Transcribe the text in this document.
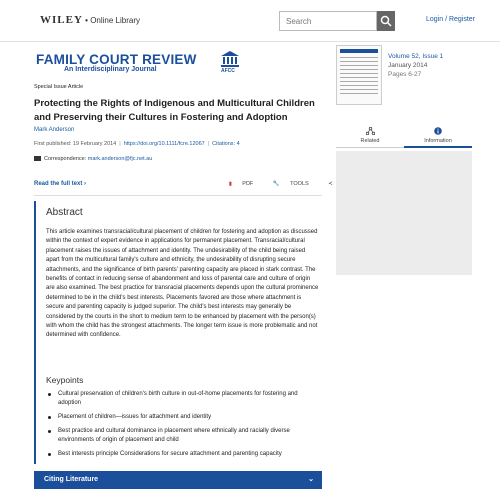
WILEY • Online Library	Search	Login / Register
FAMILY COURT REVIEW
An Interdisciplinary Journal	AFCC
Special Issue Article
Protecting the Rights of Indigenous and Multicultural Children and Preserving their Cultures in Fostering and Adoption
Mark Anderson
First published: 19 February 2014 | https://doi.org/10.1111/fcre.12067 | Citations: 4
Correspondence: mark.anderson@fjc.net.au
Read the full text ›	▮ PDF	🔧 TOOLS	≺
Abstract
This article examines transracial/cultural placement of children for fostering and adoption as discussed within the context of expert evidence in applications for permanent placement. Transracial/cultural placement raises the issues of attachment and identity. The undesirability of the child being raised apart from the multicultural family's culture and ethnicity, the undesirability of disrupting secure attachments, and the significance of birth parents' parenting capacity are placed in stark contrast. The benefits of contact in reducing sense of abandonment and loss of parental care and culture of origin are also examined. The best practice for transracial placements depends upon the cultural prominence determined to be in the child's best interests. Placements favored are those where attachment is secure and parenting capacity is judged superior. The child's best interests may generally be considered by the courts in the short to medium term to be enhanced by placement with the person(s) with whom the child has the strongest attachments. The longer term issue is more problematic and not determined with confidence.
Keypoints
Cultural preservation of children's birth culture in out-of-home placements for fostering and adoption
Placement of children—issues for attachment and identity
Best practice and cultural dominance in placement where ethnically and racially diverse environments of origin of placement and child
Best interests principle Considerations for secure attachment and parenting capacity
Citing Literature	⌄
Volume 52, Issue 1
January 2014
Pages 6-27
Related	Information
